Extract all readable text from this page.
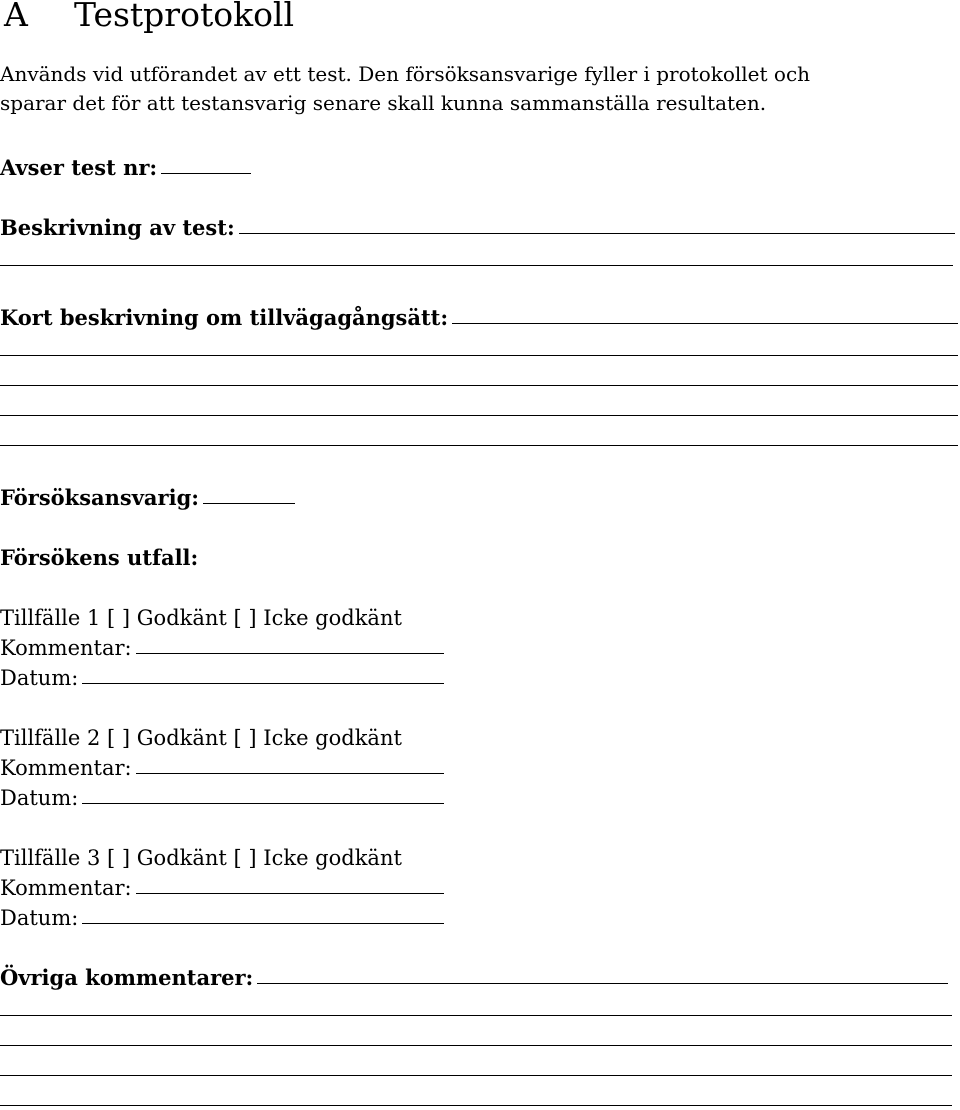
A Testprotokoll
Används vid utförandet av ett test. Den försöksansvarige fyller i protokollet och
sparar det för att testansvarig senare skall kunna sammanställa resultaten.
Avser test nr:
Beskrivning av test:
Kort beskrivning om tillvägagångsätt:
Försöksansvarig:
Försökens utfall:
Tillfälle 1
[ ] Godkänt
[ ] Icke godkänt
Kommentar:
Datum:
Tillfälle 2
[ ] Godkänt
[ ] Icke godkänt
Kommentar:
Datum:
Tillfälle 3
[ ] Godkänt
[ ] Icke godkänt
Kommentar:
Datum:
Övriga kommentarer:
